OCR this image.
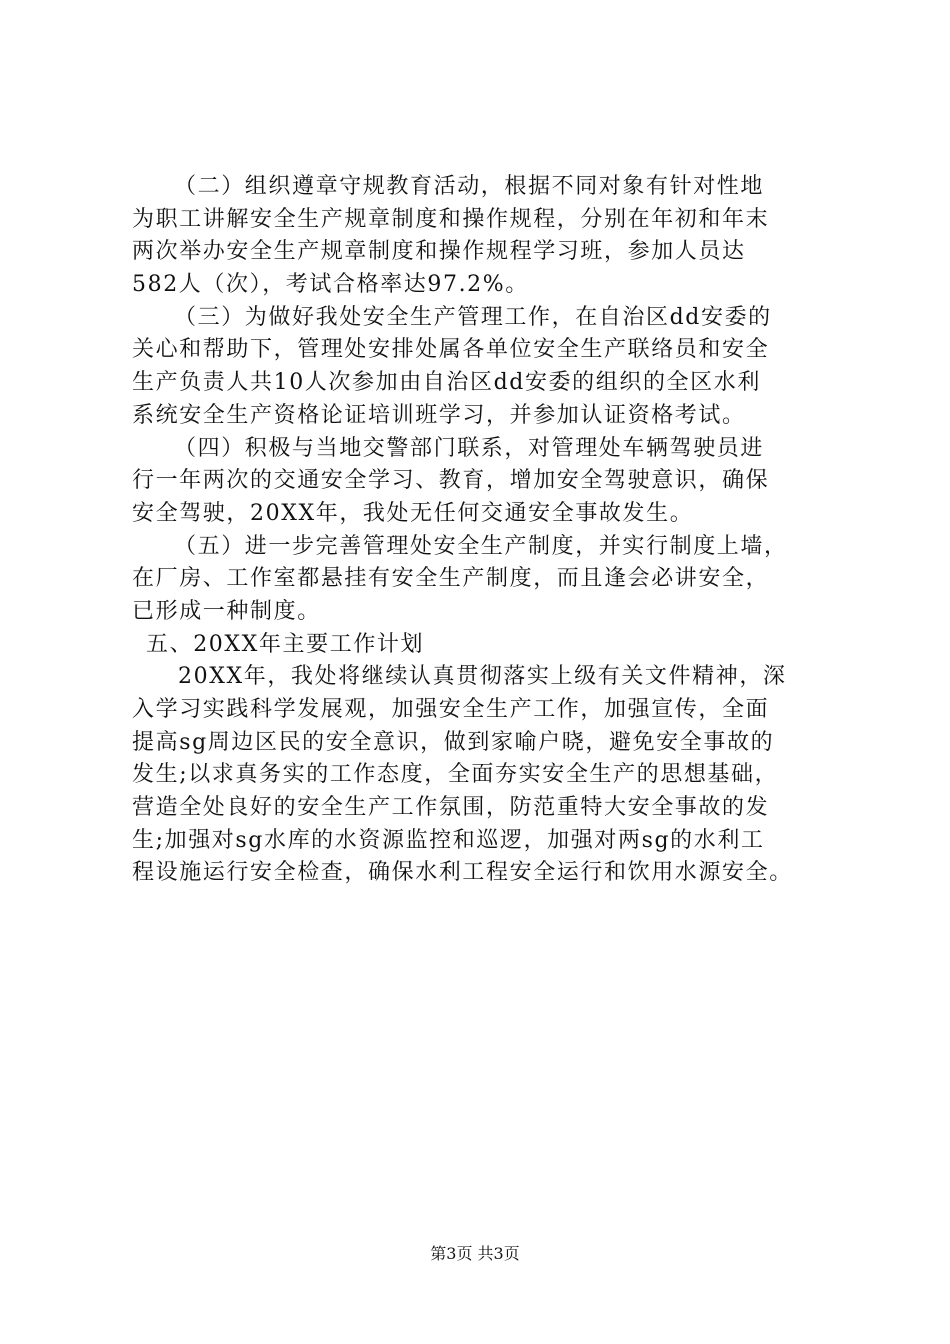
（二）组织遵章守规教育活动，根据不同对象有针对性地
为职工讲解安全生产规章制度和操作规程，分别在年初和年末
两次举办安全生产规章制度和操作规程学习班，参加人员达
582人（次），考试合格率达97.2%。
（三）为做好我处安全生产管理工作，在自治区dd安委的
关心和帮助下，管理处安排处属各单位安全生产联络员和安全
生产负责人共10人次参加由自治区dd安委的组织的全区水利
系统安全生产资格论证培训班学习，并参加认证资格考试。
（四）积极与当地交警部门联系，对管理处车辆驾驶员进
行一年两次的交通安全学习、教育，增加安全驾驶意识，确保
安全驾驶，20XX年，我处无任何交通安全事故发生。
（五）进一步完善管理处安全生产制度，并实行制度上墙，
在厂房、工作室都悬挂有安全生产制度，而且逢会必讲安全，
已形成一种制度。
五、20XX年主要工作计划
20XX年，我处将继续认真贯彻落实上级有关文件精神，深
入学习实践科学发展观，加强安全生产工作，加强宣传，全面
提高sg周边区民的安全意识，做到家喻户晓，避免安全事故的
发生;以求真务实的工作态度，全面夯实安全生产的思想基础，
营造全处良好的安全生产工作氛围，防范重特大安全事故的发
生;加强对sg水库的水资源监控和巡逻，加强对两sg的水利工
程设施运行安全检查，确保水利工程安全运行和饮用水源安全。
第3页 共3页
